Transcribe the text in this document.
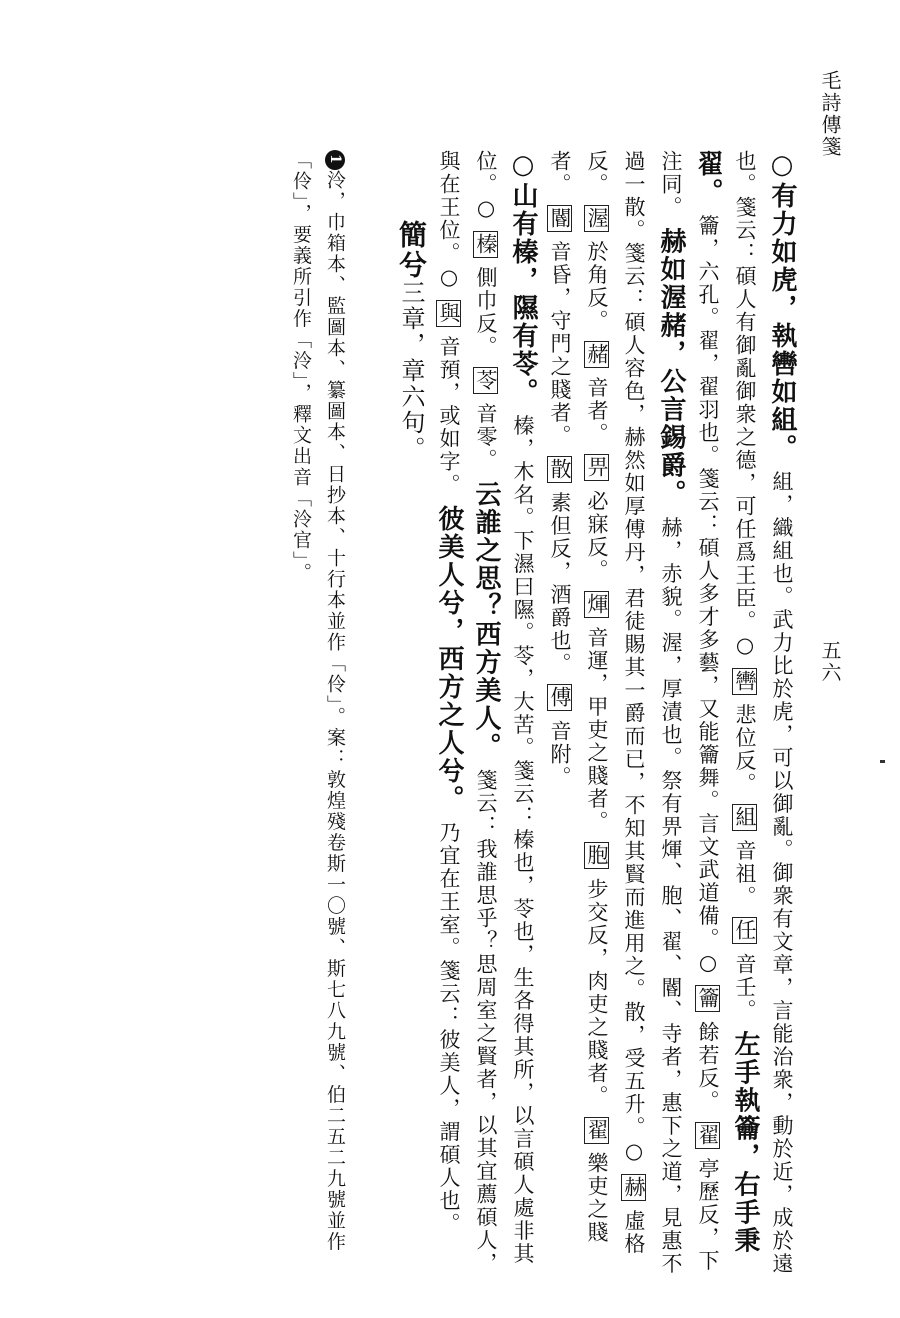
毛詩傳箋
五六

○有力如虎，執轡如組。 組，織組也。武力比於虎，可以御亂。御衆有文章，言能治衆，動於近，成於遠也。箋云：碩人有御亂御衆之德，可任爲王臣。○ 轡 悲位反。 組 音祖。 任 音壬。 左手執籥，右手秉翟。 籥，六孔。翟，翟羽也。箋云：碩人多才多藝，又能籥舞。言文武道備。○ 籥 餘若反。 翟 亭歷反，下注同。 赫如渥赭，公言錫爵。 赫，赤貌。渥，厚漬也。祭有畀煇、胞、翟、閽、寺者，惠下之道，見惠不過一散。箋云：碩人容色，赫然如厚傅丹，君徒賜其一爵而已，不知其賢而進用之。散，受五升。○ 赫 虛格反。 渥 於角反。 赭 音者。 畀 必寐反。 煇 音運，甲吏之賤者。 胞 步交反，肉吏之賤者。 翟 樂吏之賤者。 閽 音昏，守門之賤者。 散 素但反，酒爵也。 傅 音附。

○山有榛，隰有苓。 榛，木名。下濕曰隰。苓，大苦。箋云：榛也，苓也，生各得其所，以言碩人處非其位。○ 榛 側巾反。 苓 音零。 云誰之思？西方美人。 箋云：我誰思乎？思周室之賢者，以其宜薦碩人，與在王位。○ 與 音預，或如字。 彼美人兮，西方之人兮。 乃宜在王室。箋云：彼美人，謂碩人也。

簡兮三章，章六句。

1泠，巾箱本、監圖本、纂圖本、日抄本、十行本並作「伶」。案：敦煌殘卷斯一〇號、斯七八九號、伯二五二九號並作「伶」，要義所引作「泠」，釋文出音「泠官」。
